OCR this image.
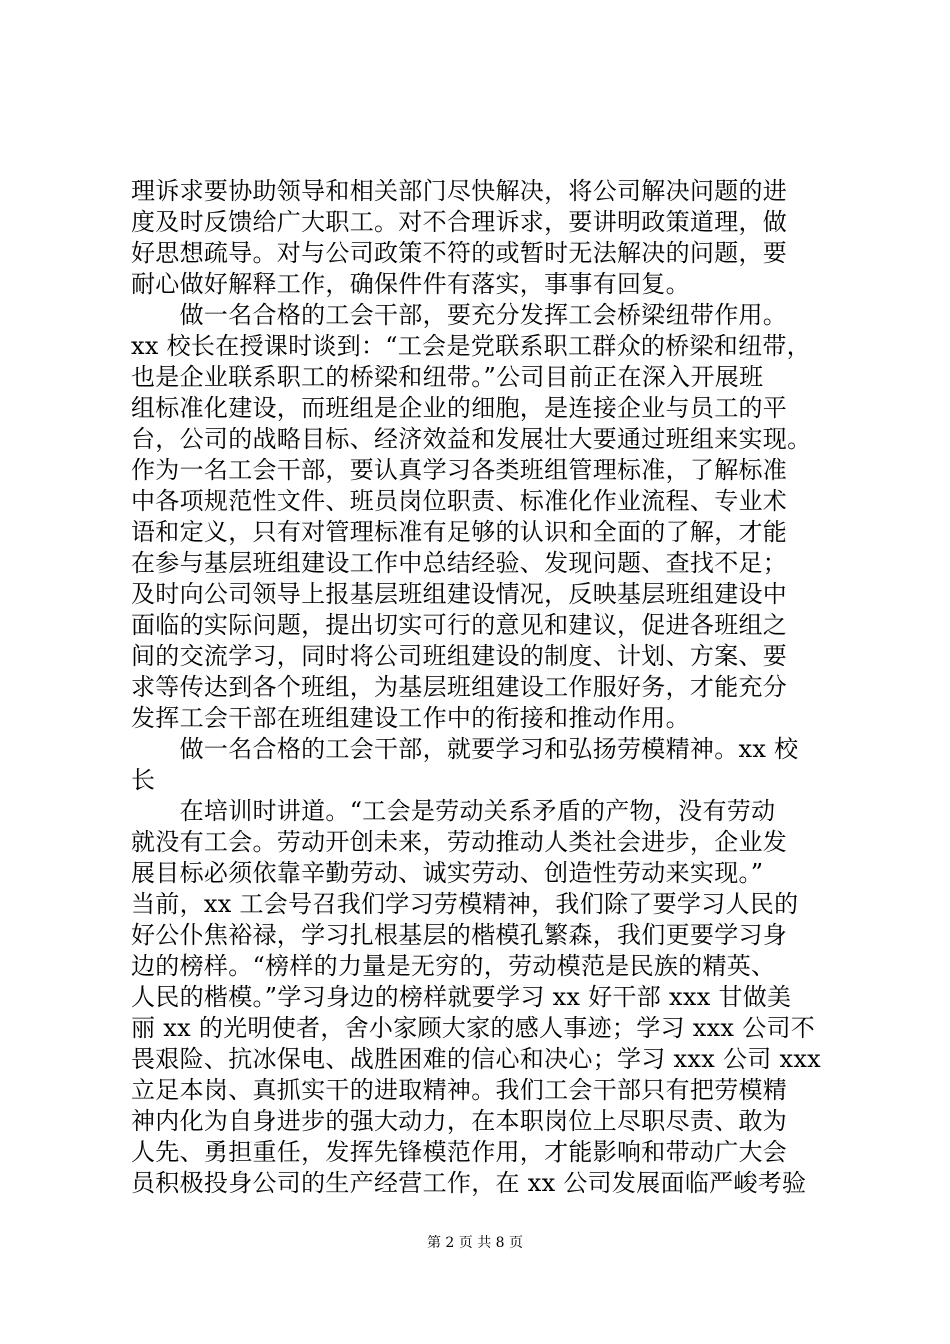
理诉求要协助领导和相关部门尽快解决，将公司解决问题的进
度及时反馈给广大职工。对不合理诉求，要讲明政策道理，做
好思想疏导。对与公司政策不符的或暂时无法解决的问题，要
耐心做好解释工作，确保件件有落实，事事有回复。
　　做一名合格的工会干部，要充分发挥工会桥梁纽带作用。
xx 校长在授课时谈到：“工会是党联系职工群众的桥梁和纽带，
也是企业联系职工的桥梁和纽带。”公司目前正在深入开展班
组标准化建设，而班组是企业的细胞，是连接企业与员工的平
台，公司的战略目标、经济效益和发展壮大要通过班组来实现。
作为一名工会干部，要认真学习各类班组管理标准，了解标准
中各项规范性文件、班员岗位职责、标准化作业流程、专业术
语和定义，只有对管理标准有足够的认识和全面的了解，才能
在参与基层班组建设工作中总结经验、发现问题、查找不足；
及时向公司领导上报基层班组建设情况，反映基层班组建设中
面临的实际问题，提出切实可行的意见和建议，促进各班组之
间的交流学习，同时将公司班组建设的制度、计划、方案、要
求等传达到各个班组，为基层班组建设工作服好务，才能充分
发挥工会干部在班组建设工作中的衔接和推动作用。
　　做一名合格的工会干部，就要学习和弘扬劳模精神。xx 校
长
　　在培训时讲道。“工会是劳动关系矛盾的产物，没有劳动
就没有工会。劳动开创未来，劳动推动人类社会进步，企业发
展目标必须依靠辛勤劳动、诚实劳动、创造性劳动来实现。”
当前，xx 工会号召我们学习劳模精神，我们除了要学习人民的
好公仆焦裕禄，学习扎根基层的楷模孔繁森，我们更要学习身
边的榜样。“榜样的力量是无穷的，劳动模范是民族的精英、
人民的楷模。”学习身边的榜样就要学习 xx 好干部 xxx 甘做美
丽 xx 的光明使者，舍小家顾大家的感人事迹；学习 xxx 公司不
畏艰险、抗冰保电、战胜困难的信心和决心；学习 xxx 公司 xxx
立足本岗、真抓实干的进取精神。我们工会干部只有把劳模精
神内化为自身进步的强大动力，在本职岗位上尽职尽责、敢为
人先、勇担重任，发挥先锋模范作用，才能影响和带动广大会
员积极投身公司的生产经营工作，在 xx 公司发展面临严峻考验
第 2 页 共 8 页
